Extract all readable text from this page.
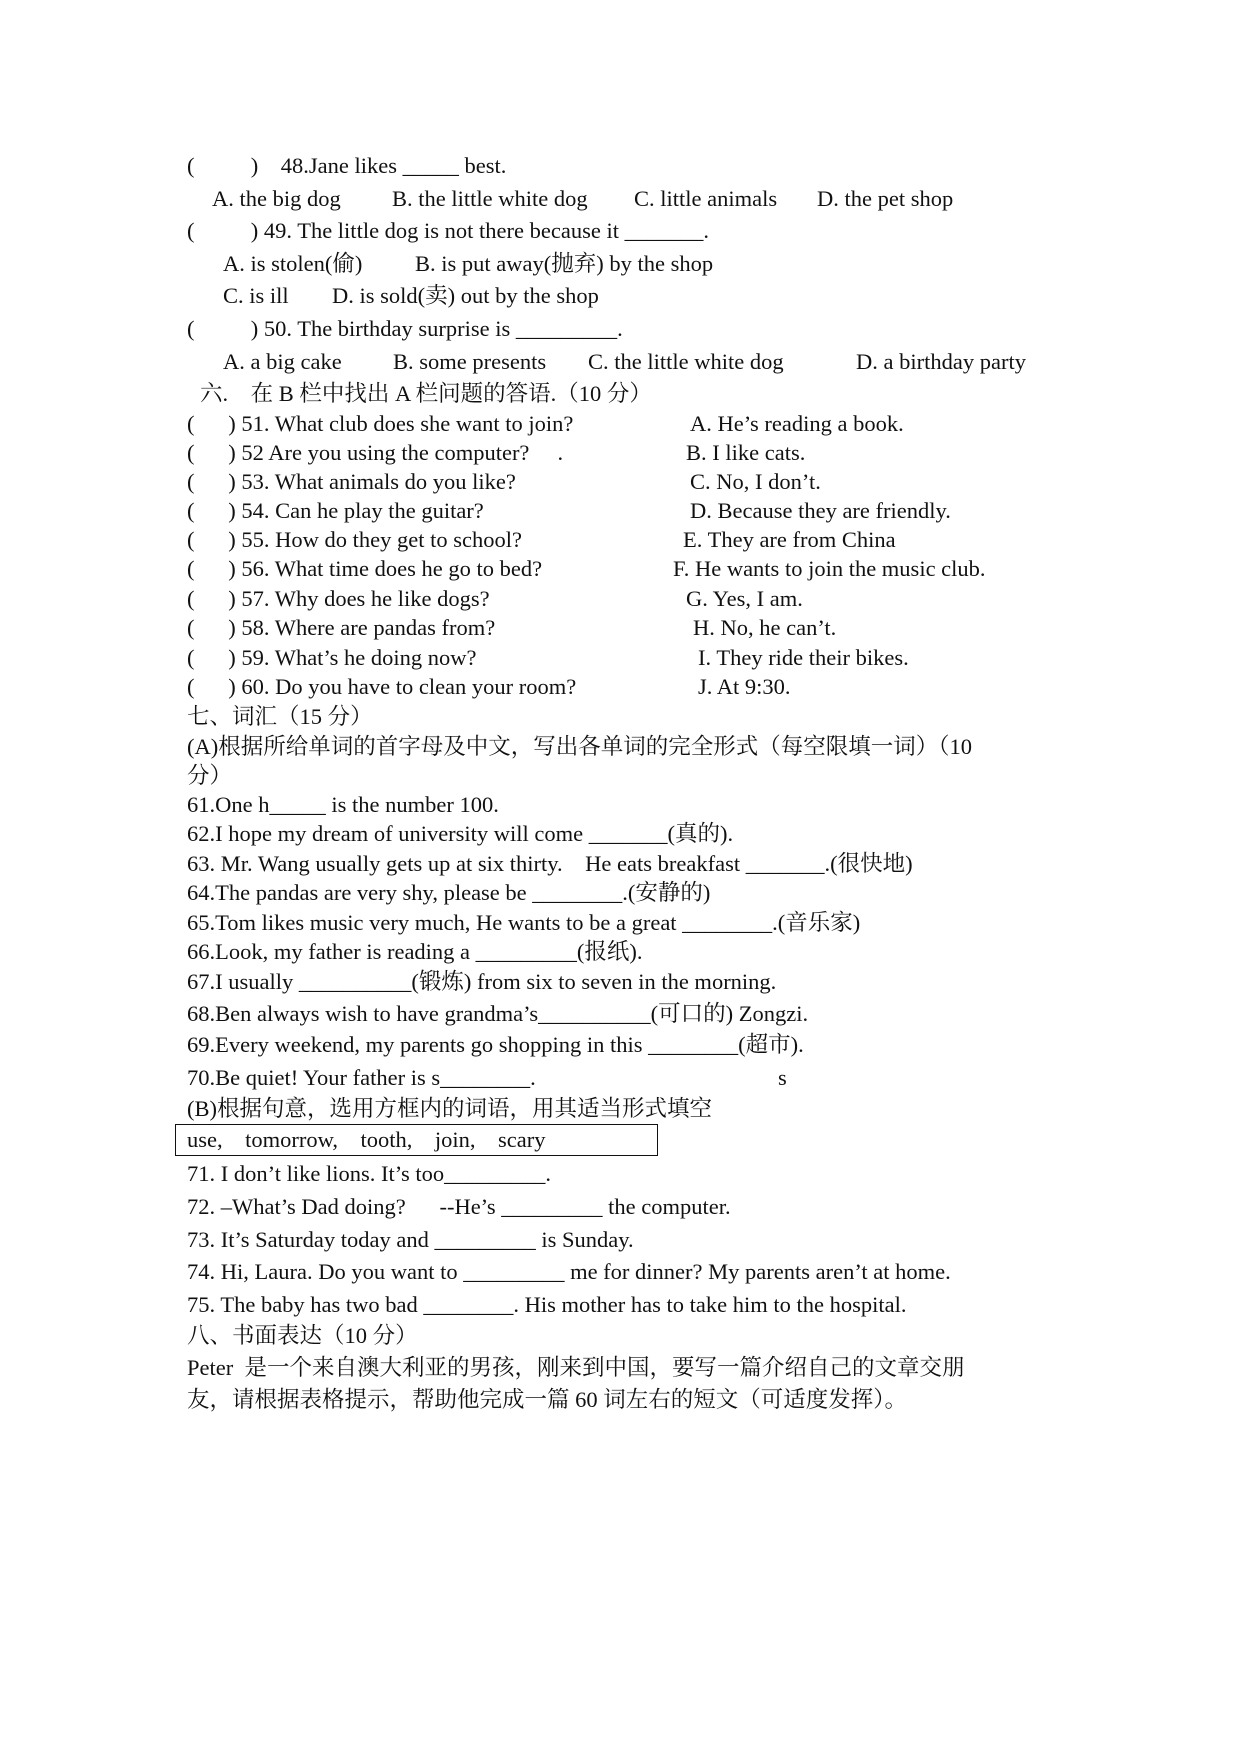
(          )    48.Jane likes _____ best.
A. the big dog B. the little white dog C. little animals D. the pet shop
(          ) 49. The little dog is not there because it _______.
A. is stolen(偷) B. is put away(抛弃) by the shop
C. is ill D. is sold(卖) out by the shop
(          ) 50. The birthday surprise is _________.
A. a big cake B. some presents C. the little white dog	D. a birthday party
六.    在 B 栏中找出 A 栏问题的答语.（10 分）
(      ) 51. What club does she want to join?	A. He’s reading a book.
(      ) 52 Are you using the computer?     .	B. I like cats.
(      ) 53. What animals do you like?	C. No, I don’t.
(      ) 54. Can he play the guitar?	D. Because they are friendly.
(      ) 55. How do they get to school?	E. They are from China
(      ) 56. What time does he go to bed?	F. He wants to join the music club.
(      ) 57. Why does he like dogs?	G. Yes, I am.
(      ) 58. Where are pandas from?	H. No, he can’t.
(      ) 59. What’s he doing now?	I. They ride their bikes.
(      ) 60. Do you have to clean your room?	J. At 9:30.
七、词汇（15 分）
(A)根据所给单词的首字母及中文，写出各单词的完全形式（每空限填一词）（10
分）
61.One h_____ is the number 100.
62.I hope my dream of university will come _______(真的).
63. Mr. Wang usually gets up at six thirty.    He eats breakfast _______.(很快地)
64.The pandas are very shy, please be ________.(安静的)
65.Tom likes music very much, He wants to be a great ________.(音乐家)
66.Look, my father is reading a _________(报纸).
67.I usually __________(锻炼) from six to seven in the morning.
68.Ben always wish to have grandma’s__________(可口的) Zongzi.
69.Every weekend, my parents go shopping in this ________(超市).
70.Be quiet! Your father is s________.	s
(B)根据句意，选用方框内的词语，用其适当形式填空
use,    tomorrow,    tooth,    join,    scary
71. I don’t like lions. It’s too_________.
72. –What’s Dad doing?      --He’s _________ the computer.
73. It’s Saturday today and _________ is Sunday.
74. Hi, Laura. Do you want to _________ me for dinner? My parents aren’t at home.
75. The baby has two bad ________. His mother has to take him to the hospital.
八、书面表达（10 分）
Peter  是一个来自澳大利亚的男孩，刚来到中国，要写一篇介绍自己的文章交朋
友，请根据表格提示，帮助他完成一篇 60 词左右的短文（可适度发挥）。
